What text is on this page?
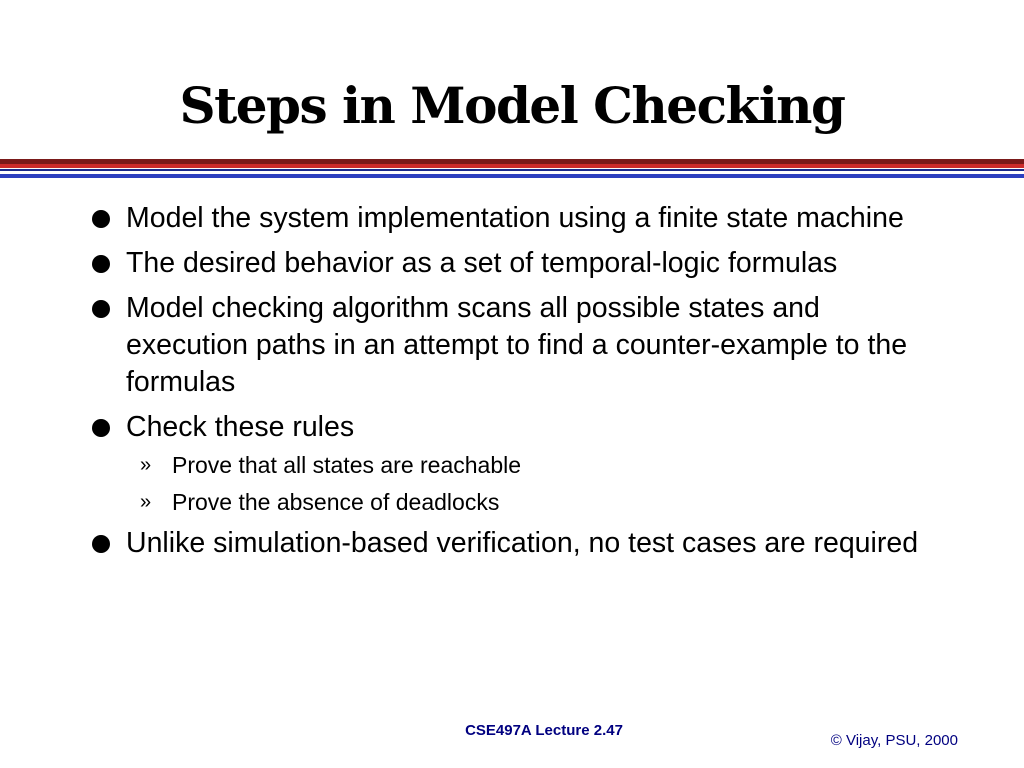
Steps in Model Checking
Model the system implementation using a finite state machine
The desired behavior as a set of temporal-logic formulas
Model checking algorithm scans all possible states and execution paths in an attempt to find a counter-example to the formulas
Check these rules
» Prove that all states are reachable
» Prove the absence of deadlocks
Unlike simulation-based verification, no test cases are required
CSE497A Lecture 2.47
© Vijay, PSU, 2000
